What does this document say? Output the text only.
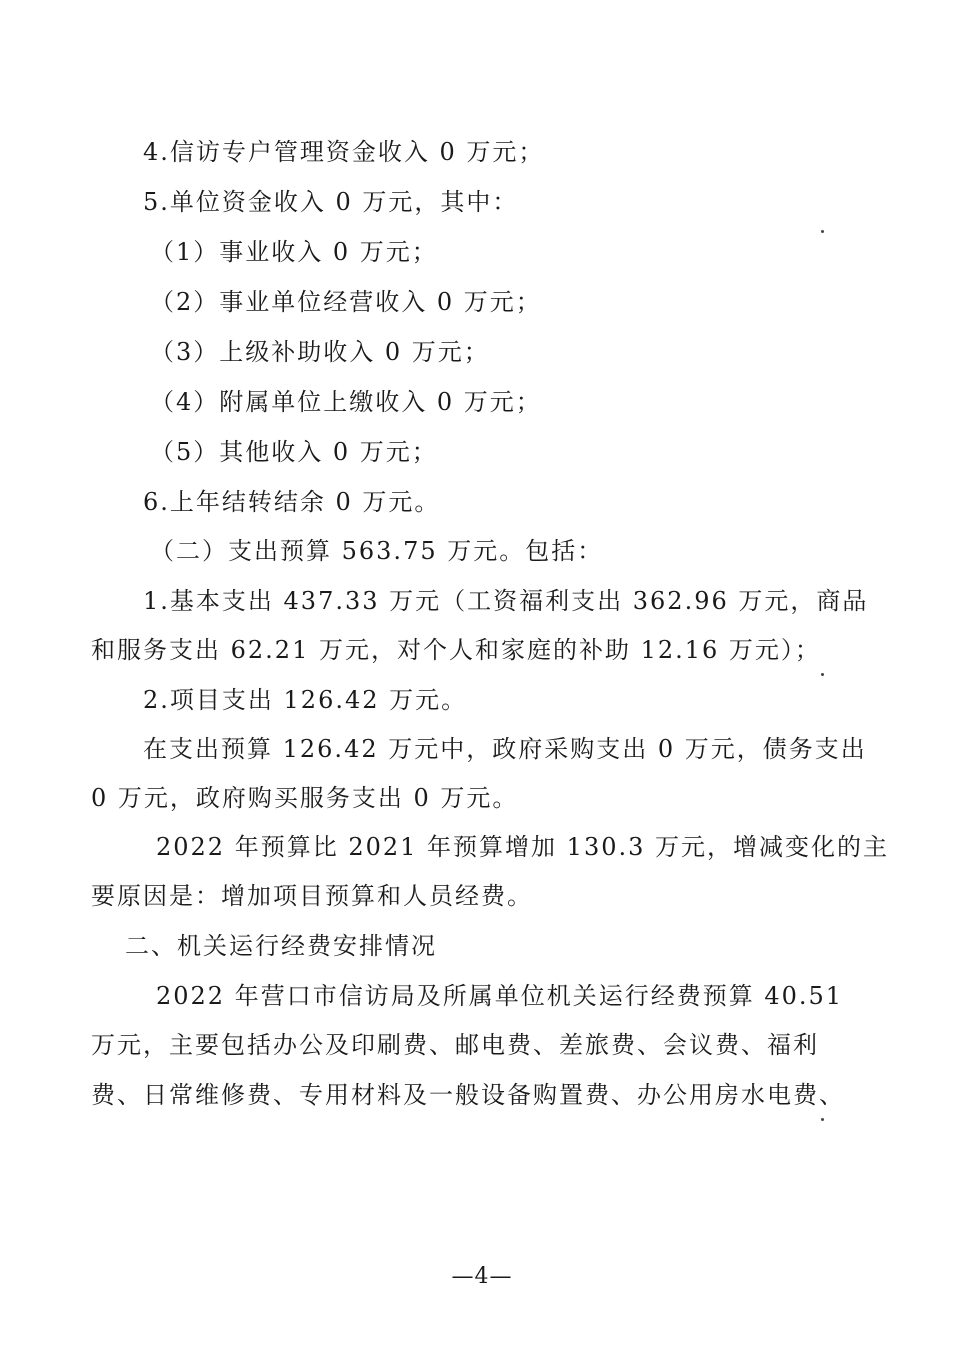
4.信访专户管理资金收入 0 万元；
5.单位资金收入 0 万元，其中：
（1）事业收入 0 万元；
（2）事业单位经营收入 0 万元；
（3）上级补助收入 0 万元；
（4）附属单位上缴收入 0 万元；
（5）其他收入 0 万元；
6.上年结转结余 0 万元。
（二）支出预算 563.75 万元。包括：
1.基本支出 437.33 万元（工资福利支出 362.96 万元，商品
和服务支出 62.21 万元，对个人和家庭的补助 12.16 万元）；
2.项目支出 126.42 万元。
在支出预算 126.42 万元中，政府采购支出 0 万元，债务支出
0 万元，政府购买服务支出 0 万元。
2022 年预算比 2021 年预算增加 130.3 万元，增减变化的主
要原因是：增加项目预算和人员经费。
二、机关运行经费安排情况
2022 年营口市信访局及所属单位机关运行经费预算 40.51
万元，主要包括办公及印刷费、邮电费、差旅费、会议费、福利
费、日常维修费、专用材料及一般设备购置费、办公用房水电费、
—4—
